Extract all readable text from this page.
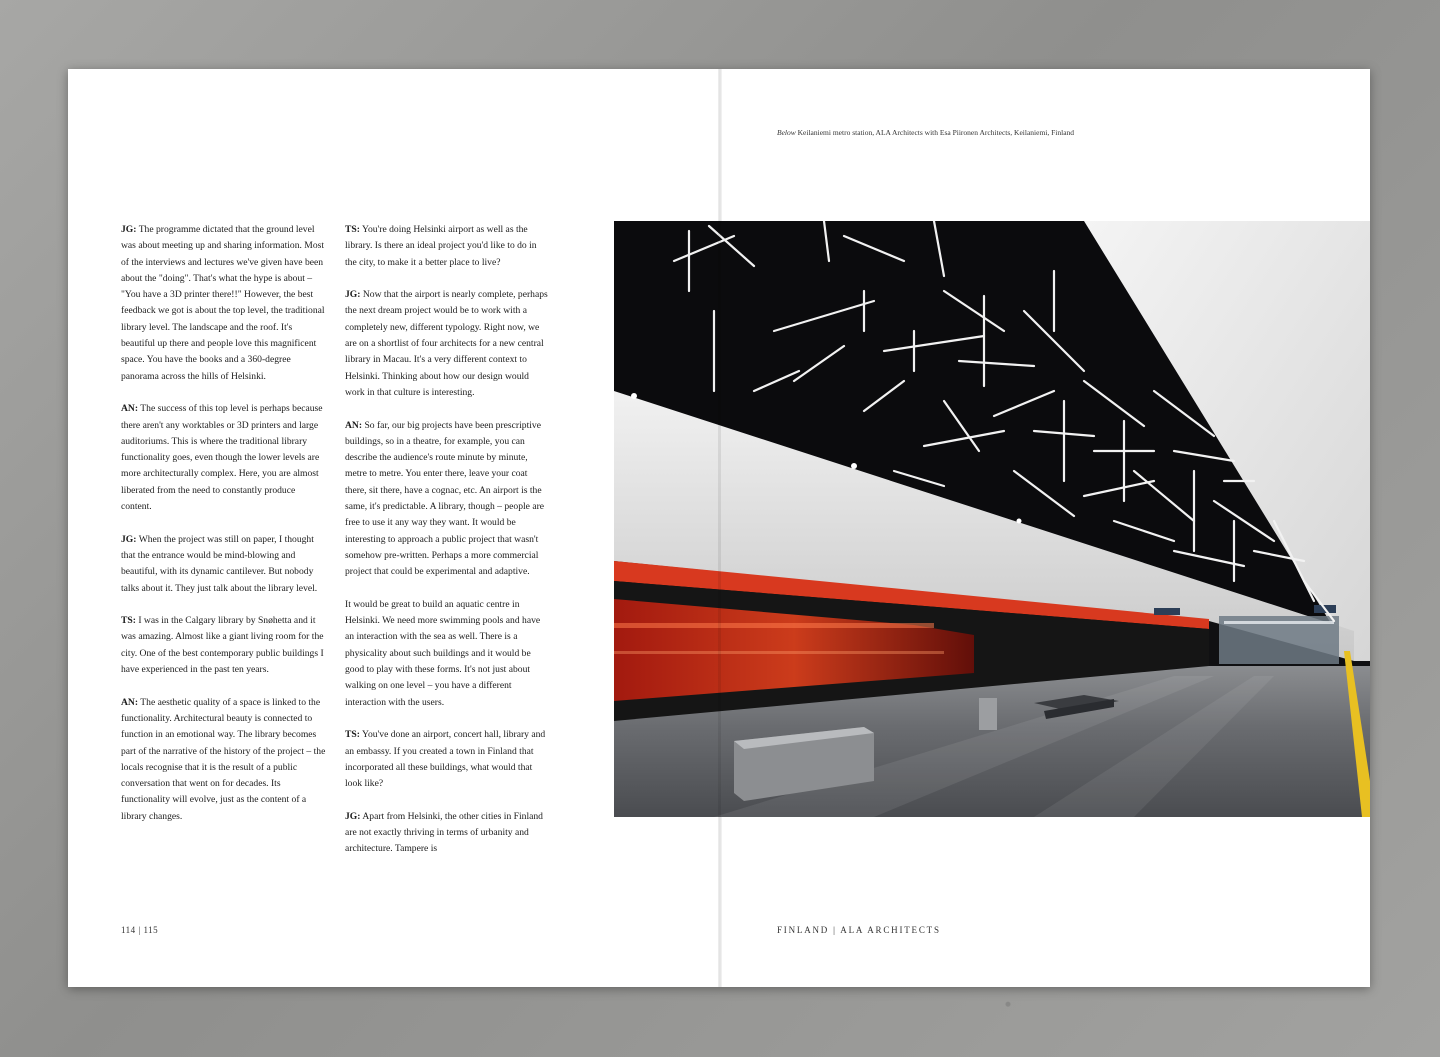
JG: The programme dictated that the ground level was about meeting up and sharing information. Most of the interviews and lectures we've given have been about the "doing". That's what the hype is about – "You have a 3D printer there!!" However, the best feedback we got is about the top level, the traditional library level. The landscape and the roof. It's beautiful up there and people love this magnificent space. You have the books and a 360-degree panorama across the hills of Helsinki.

AN: The success of this top level is perhaps because there aren't any worktables or 3D printers and large auditoriums. This is where the traditional library functionality goes, even though the lower levels are more architecturally complex. Here, you are almost liberated from the need to constantly produce content.

JG: When the project was still on paper, I thought that the entrance would be mind-blowing and beautiful, with its dynamic cantilever. But nobody talks about it. They just talk about the library level.

TS: I was in the Calgary library by Snøhetta and it was amazing. Almost like a giant living room for the city. One of the best contemporary public buildings I have experienced in the past ten years.

AN: The aesthetic quality of a space is linked to the functionality. Architectural beauty is connected to function in an emotional way. The library becomes part of the narrative of the history of the project – the locals recognise that it is the result of a public conversation that went on for decades. Its functionality will evolve, just as the content of a library changes.

TS: You're doing Helsinki airport as well as the library. Is there an ideal project you'd like to do in the city, to make it a better place to live?

JG: Now that the airport is nearly complete, perhaps the next dream project would be to work with a completely new, different typology. Right now, we are on a shortlist of four architects for a new central library in Macau. It's a very different context to Helsinki. Thinking about how our design would work in that culture is interesting.

AN: So far, our big projects have been prescriptive buildings, so in a theatre, for example, you can describe the audience's route minute by minute, metre to metre. You enter there, leave your coat there, sit there, have a cognac, etc. An airport is the same, it's predictable. A library, though – people are free to use it any way they want. It would be interesting to approach a public project that wasn't somehow pre-written. Perhaps a more commercial project that could be experimental and adaptive.

It would be great to build an aquatic centre in Helsinki. We need more swimming pools and have an interaction with the sea as well. There is a physicality about such buildings and it would be good to play with these forms. It's not just about walking on one level – you have a different interaction with the users.

TS: You've done an airport, concert hall, library and an embassy. If you created a town in Finland that incorporated all these buildings, what would that look like?

JG: Apart from Helsinki, the other cities in Finland are not exactly thriving in terms of urbanity and architecture. Tampere is

114 | 115
Below Keilaniemi metro station, ALA Architects with Esa Piironen Architects, Keilaniemi, Finland
FINLAND | ALA ARCHITECTS
